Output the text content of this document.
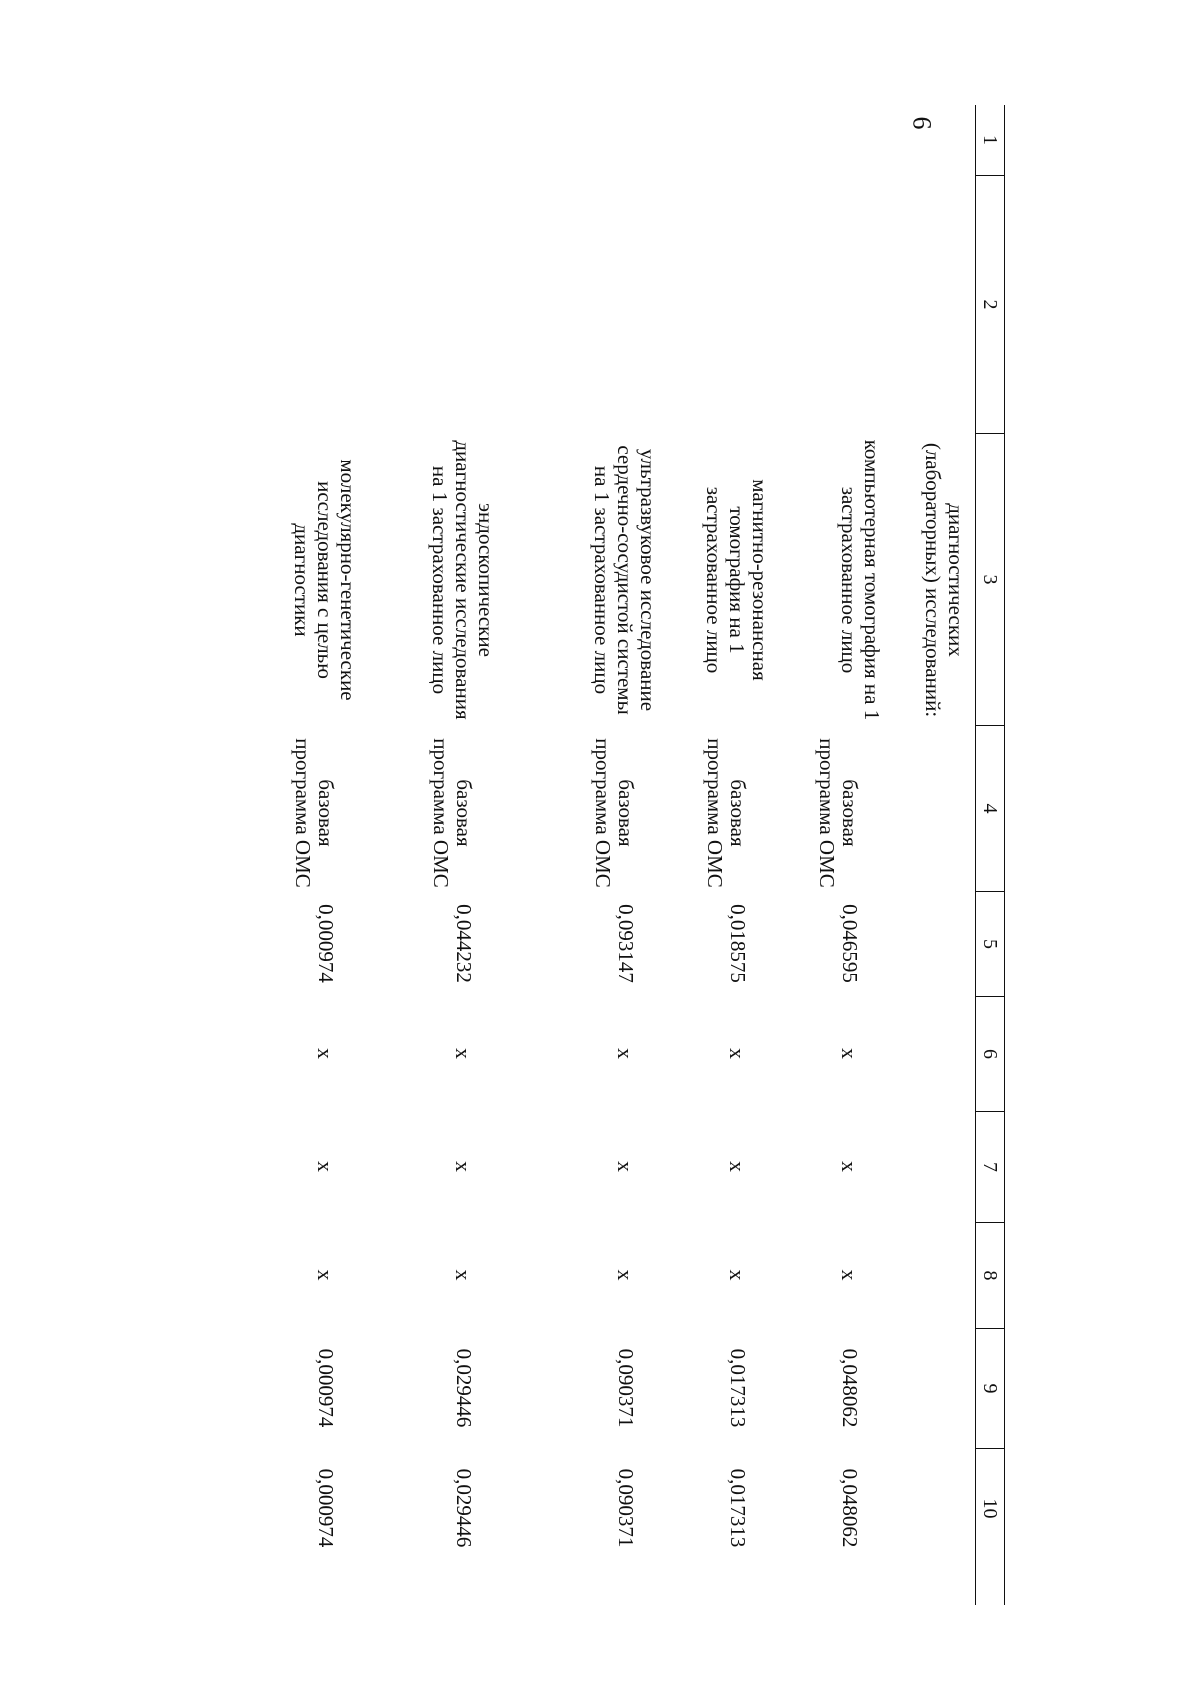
6
1
2
3
4
5
6
7
8
9
10
диагностических (лабораторных) исследований:
компьютерная томография на 1 застрахованное лицо
базовая программа ОМС
0,046595
х
х
х
0,048062
0,048062
магнитно-резонансная томография на 1 застрахованное лицо
базовая программа ОМС
0,018575
х
х
х
0,017313
0,017313
ультразвуковое исследование сердечно-сосудистой системы на 1 застрахованное лицо
базовая программа ОМС
0,093147
х
х
х
0,090371
0,090371
эндоскопические диагностические исследования на 1 застрахованное лицо
базовая программа ОМС
0,044232
х
х
х
0,029446
0,029446
молекулярно-генетические исследования с целью диагностики
базовая программа ОМС
0,000974
х
х
х
0,000974
0,000974
